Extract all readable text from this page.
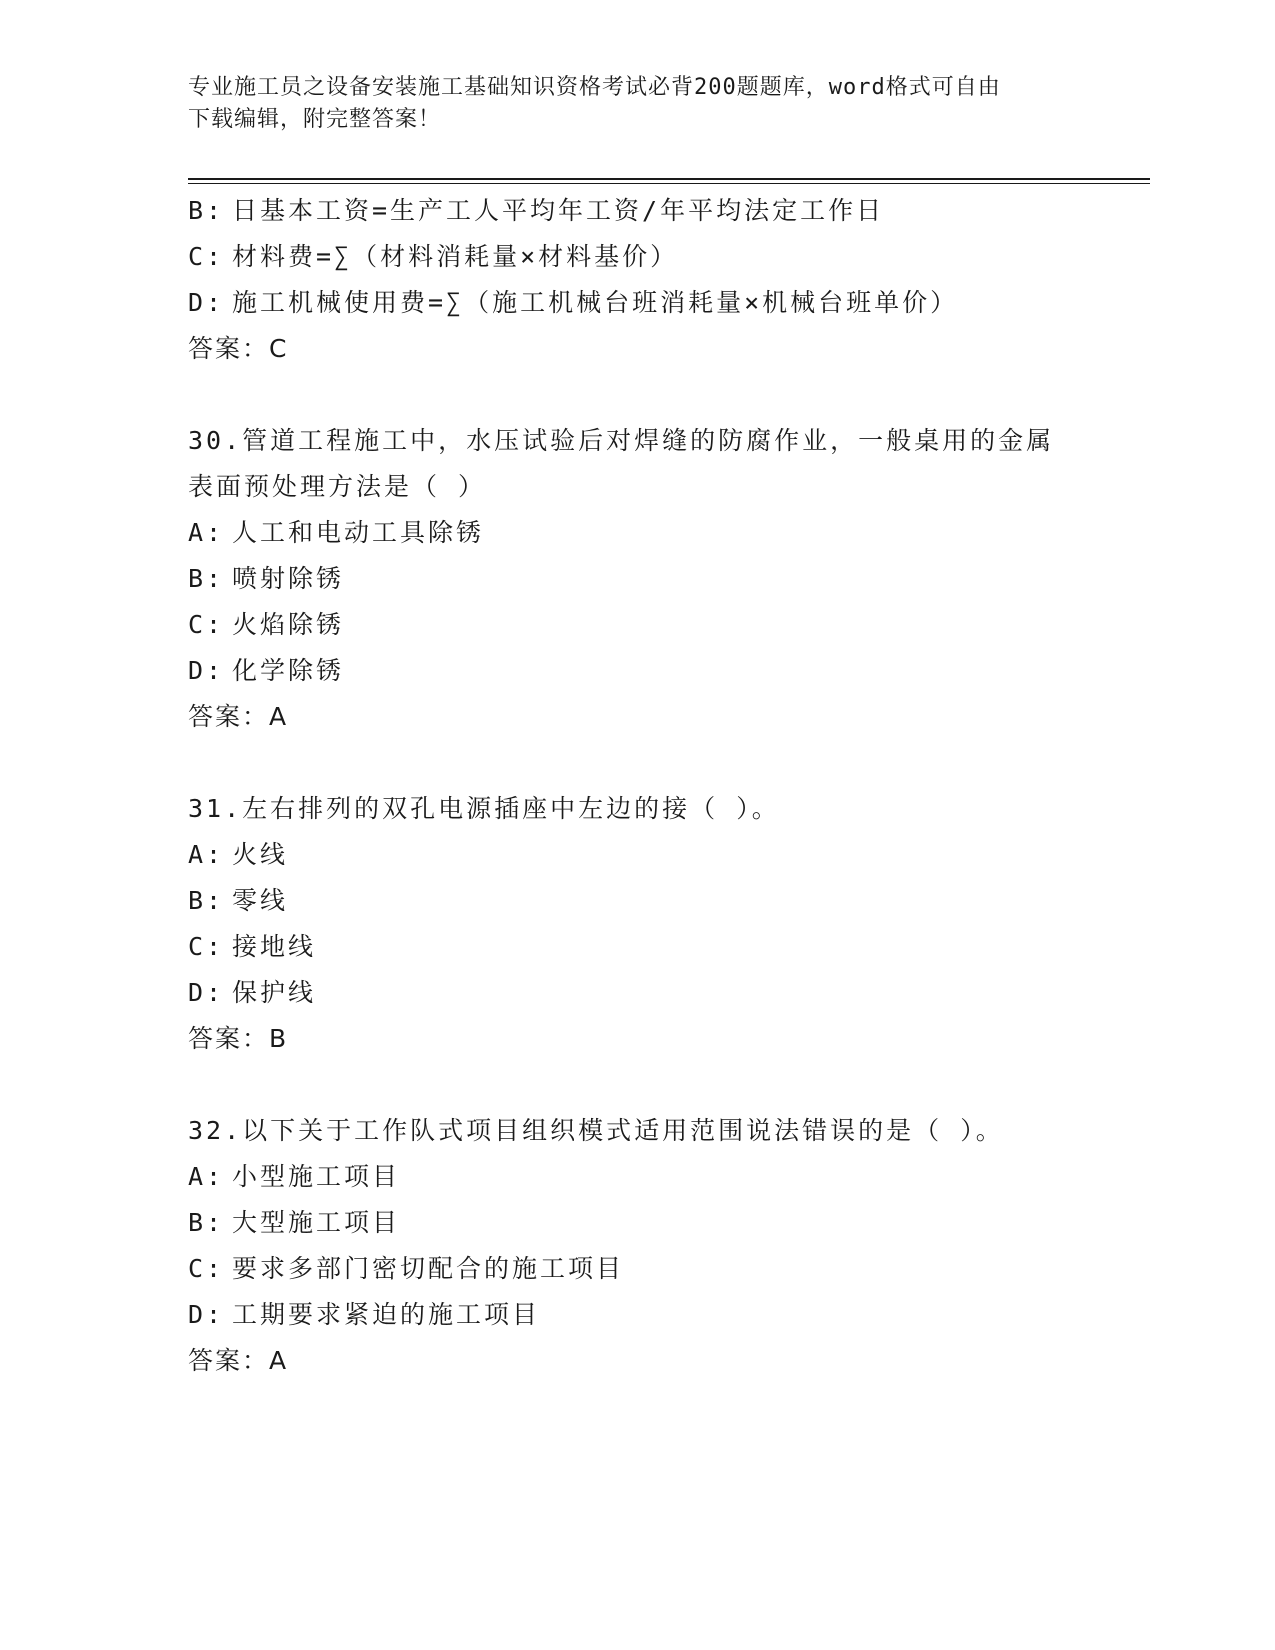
专业施工员之设备安装施工基础知识资格考试必背200题题库，word格式可自由
下载编辑，附完整答案！
B: 日基本工资=生产工人平均年工资/年平均法定工作日
C: 材料费=∑（材料消耗量×材料基价）
D: 施工机械使用费=∑（施工机械台班消耗量×机械台班单价）
答案：C
30.管道工程施工中，水压试验后对焊缝的防腐作业，一般桌用的金属
表面预处理方法是（ ）
A: 人工和电动工具除锈
B: 喷射除锈
C: 火焰除锈
D: 化学除锈
答案：A
31.左右排列的双孔电源插座中左边的接（ ）。
A: 火线
B: 零线
C: 接地线
D: 保护线
答案：B
32.以下关于工作队式项目组织模式适用范围说法错误的是（ ）。
A: 小型施工项目
B: 大型施工项目
C: 要求多部门密切配合的施工项目
D: 工期要求紧迫的施工项目
答案：A
